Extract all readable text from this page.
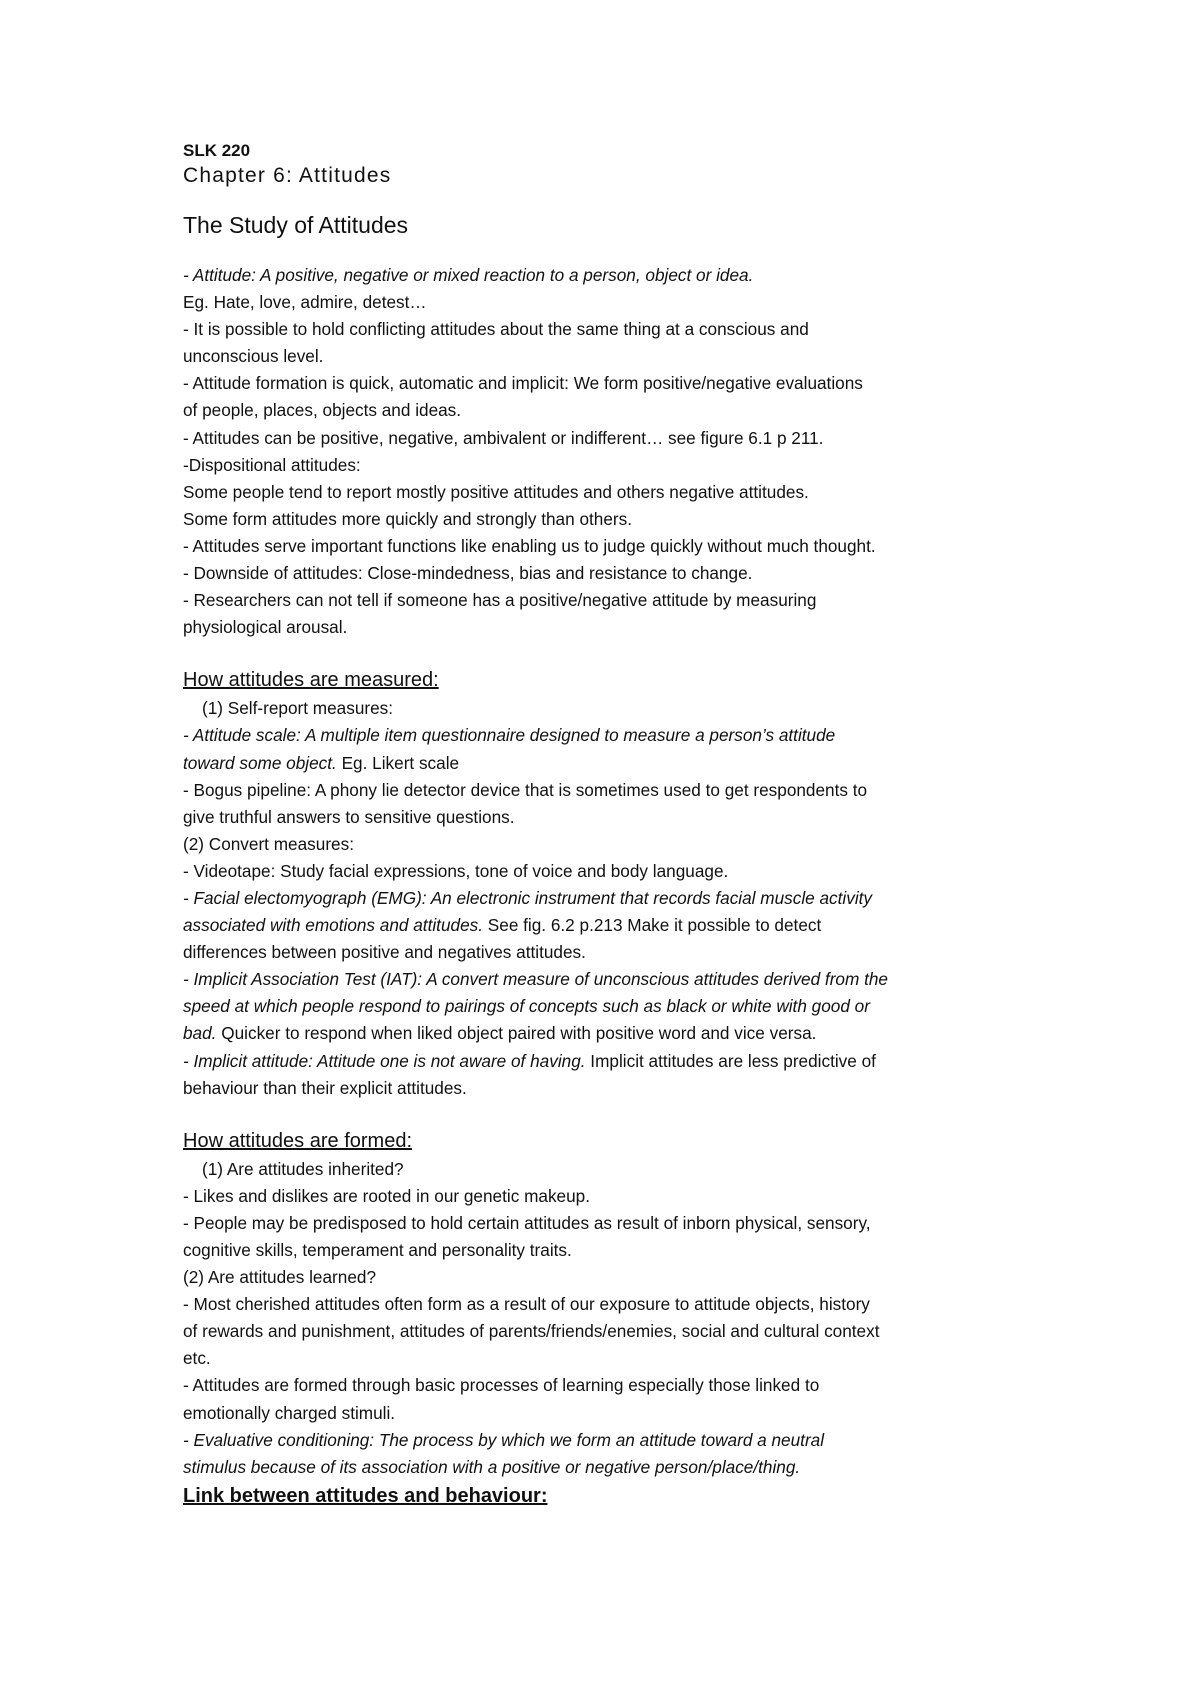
SLK 220

Chapter 6: Attitudes

The Study of Attitudes

- Attitude: A positive, negative or mixed reaction to a person, object or idea.

Eg. Hate, love, admire, detest…

- It is possible to hold conflicting attitudes about the same thing at a conscious and

unconscious level.

- Attitude formation is quick, automatic and implicit: We form positive/negative evaluations

of people, places, objects and ideas.

- Attitudes can be positive, negative, ambivalent or indifferent… see figure 6.1 p 211.

-Dispositional attitudes:

Some people tend to report mostly positive attitudes and others negative attitudes.

Some form attitudes more quickly and strongly than others.

- Attitudes serve important functions like enabling us to judge quickly without much thought.

- Downside of attitudes: Close-mindedness, bias and resistance to change.

- Researchers can not tell if someone has a positive/negative attitude by measuring

physiological arousal.

How attitudes are measured:

(1) Self-report measures:

- Attitude scale: A multiple item questionnaire designed to measure a person’s attitude

toward some object. Eg. Likert scale

- Bogus pipeline: A phony lie detector device that is sometimes used to get respondents to

give truthful answers to sensitive questions.

(2) Convert measures:

- Videotape: Study facial expressions, tone of voice and body language.

- Facial electomyograph (EMG): An electronic instrument that records facial muscle activity

associated with emotions and attitudes. See fig. 6.2 p.213 Make it possible to detect

differences between positive and negatives attitudes.

- Implicit Association Test (IAT): A convert measure of unconscious attitudes derived from the

speed at which people respond to pairings of concepts such as black or white with good or

bad. Quicker to respond when liked object paired with positive word and vice versa.

- Implicit attitude: Attitude one is not aware of having. Implicit attitudes are less predictive of

behaviour than their explicit attitudes.

How attitudes are formed:

(1) Are attitudes inherited?

- Likes and dislikes are rooted in our genetic makeup.

- People may be predisposed to hold certain attitudes as result of inborn physical, sensory,

cognitive skills, temperament and personality traits.

(2) Are attitudes learned?

- Most cherished attitudes often form as a result of our exposure to attitude objects, history

of rewards and punishment, attitudes of parents/friends/enemies, social and cultural context

etc.

- Attitudes are formed through basic processes of learning especially those linked to

emotionally charged stimuli.

- Evaluative conditioning: The process by which we form an attitude toward a neutral

stimulus because of its association with a positive or negative person/place/thing.

Link between attitudes and behaviour:
